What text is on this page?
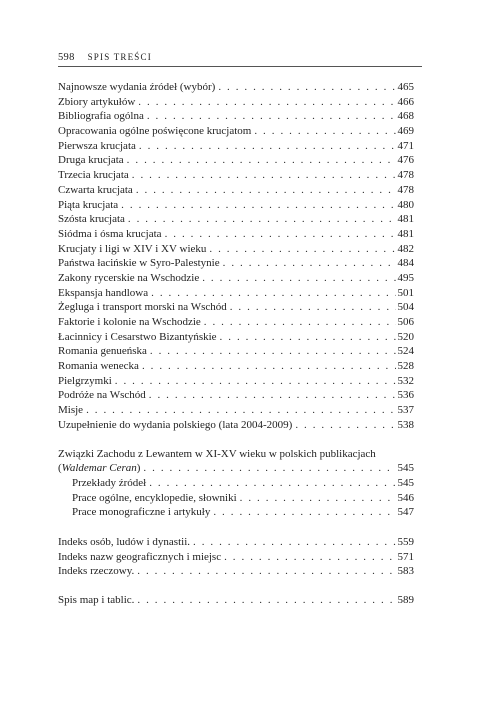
598 SPIS TREŚCI
Najnowsze wydania źródeł (wybór) . . .	465
Zbiory artykułów . . .	466
Bibliografia ogólna . . .	468
Opracowania ogólne poświęcone krucjatom . . .	469
Pierwsza krucjata . . .	471
Druga krucjata . . .	476
Trzecia krucjata . . .	478
Czwarta krucjata . . .	478
Piąta krucjata . . .	480
Szósta krucjata . . .	481
Siódma i ósma krucjata . . .	481
Krucjaty i ligi w XIV i XV wieku . . .	482
Państwa łacińskie w Syro-Palestynie . . .	484
Zakony rycerskie na Wschodzie . . .	495
Ekspansja handlowa . . .	501
Żegluga i transport morski na Wschód . . .	504
Faktorie i kolonie na Wschodzie . . .	506
Łacinnicy i Cesarstwo Bizantyńskie . . .	520
Romania genueńska . . .	524
Romania wenecka . . .	528
Pielgrzymki . . .	532
Podróże na Wschód . . .	536
Misje . . .	537
Uzupełnienie do wydania polskiego (lata 2004-2009) . . .	538
Związki Zachodu z Lewantem w XI-XV wieku w polskich publikacjach
(Waldemar Ceran) . . .	545
Przekłady źródeł . . .	545
Prace ogólne, encyklopedie, słowniki . . .	546
Prace monograficzne i artykuły . . .	547
Indeks osób, ludów i dynastii. . . .	559
Indeks nazw geograficznych i miejsc . . .	571
Indeks rzeczowy. . . .	583
Spis map i tablic. . . .	589
